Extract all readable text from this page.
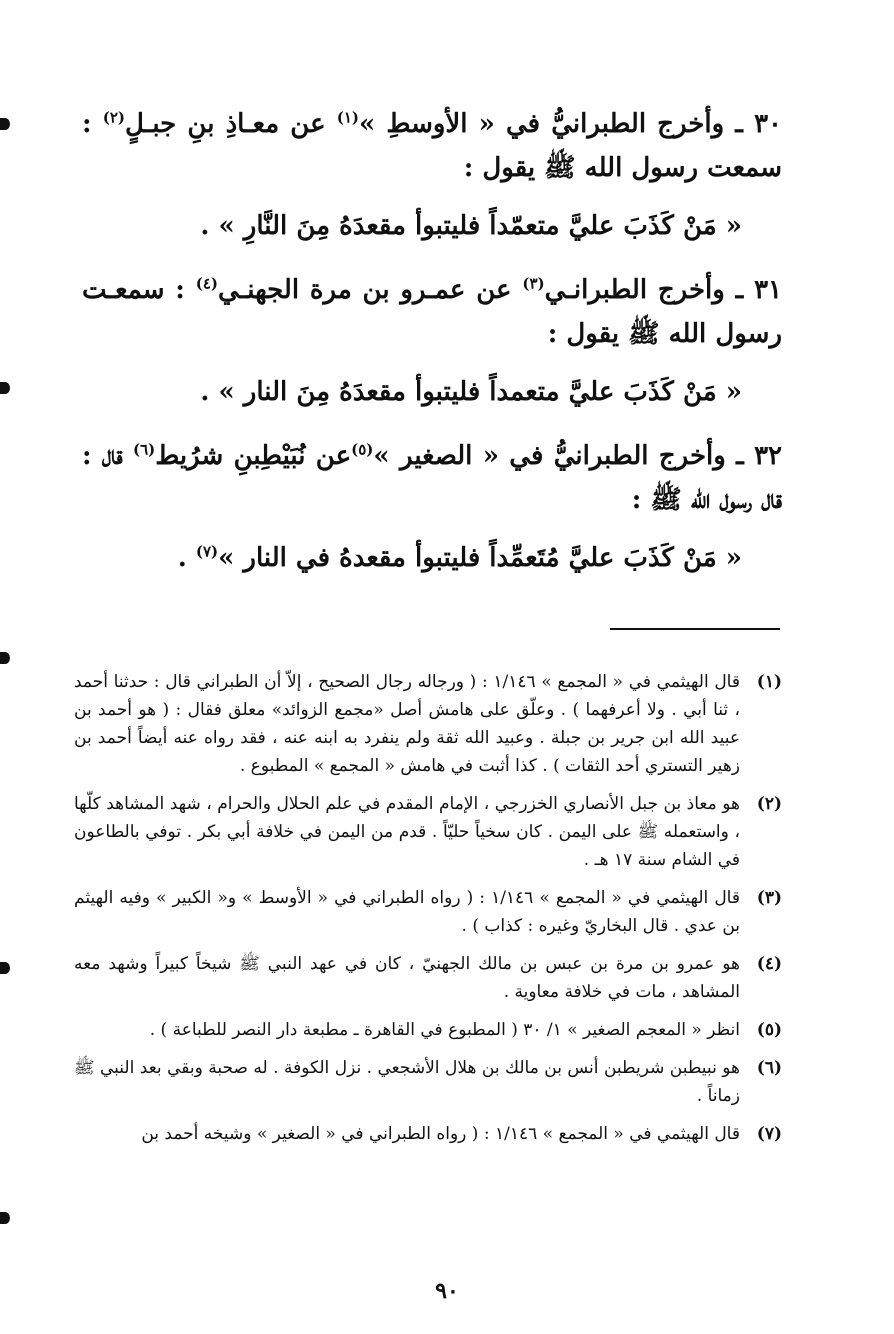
٣٠ ـ وأخرج الطبرانيُّ في « الأوسطِ »$^{(١)}$ عن معـاذِ بنِ جبـلٍ$^{(٢)}$ : سمعت رسول الله ﷺ يقول :

« مَنْ كَذَبَ عليَّ متعمّداً فليتبوأ مقعدَهُ مِنَ النَّارِ » .

٣١ ـ وأخرج الطبرانـي$^{(٣)}$ عن عمـرو بن مرة الجهنـي$^{(٤)}$ : سمعـت رسول الله ﷺ يقول :

« مَنْ كَذَبَ عليَّ متعمداً فليتبوأ مقعدَهُ مِنَ النار » .

٣٢ ـ وأخرج الطبرانيُّ في « الصغير »$^{(٥)}$عن نُبَيْطِبنِ شرُيط$^{(٦)}$ قال : قال رسول الله ﷺ :

« مَنْ كَذَبَ عليَّ مُتَعمِّداً فليتبوأ مقعدهُ في النار »$^{(٧)}$ .

(١)
قال الهيثمي في « المجمع » ١/١٤٦ : ( ورجاله رجال الصحيح ، إلاّ أن الطبراني قال : حدثنا أحمد ، ثنا أبي . ولا أعرفهما ) . وعلّق على هامش أصل «مجمع الزوائد» معلق فقال : ( هو أحمد بن عبيد الله ابن جرير بن جبلة . وعبيد الله ثقة ولم ينفرد به ابنه عنه ، فقد رواه عنه أيضاً أحمد بن زهير التستري أحد الثقات ) . كذا أثبت في هامش « المجمع » المطبوع .
(٢)
هو معاذ بن جبل الأنصاري الخزرجي ، الإمام المقدم في علم الحلال والحرام ، شهد المشاهد كلّها ، واستعمله ﷺ على اليمن . كان سخياً حليّاً . قدم من اليمن في خلافة أبي بكر . توفي بالطاعون في الشام سنة ١٧ هـ .
(٣)
قال الهيثمي في « المجمع » ١/١٤٦ : ( رواه الطبراني في « الأوسط » و« الكبير » وفيه الهيثم بن عدي . قال البخاريّ وغيره : كذاب ) .
(٤)
هو عمرو بن مرة بن عبس بن مالك الجهنيّ ، كان في عهد النبي ﷺ شيخاً كبيراً وشهد معه المشاهد ، مات في خلافة معاوية .
(٥)
انظر « المعجم الصغير » ١/ ٣٠ ( المطبوع في القاهرة ـ مطبعة دار النصر للطباعة ) .
(٦)
هو نبيطبن شريطبن أنس بن مالك بن هلال الأشجعي . نزل الكوفة . له صحبة وبقي بعد النبي ﷺ زماناً .
(٧)
قال الهيثمي في « المجمع » ١/١٤٦ : ( رواه الطبراني في « الصغير » وشيخه أحمد بن
٩٠
